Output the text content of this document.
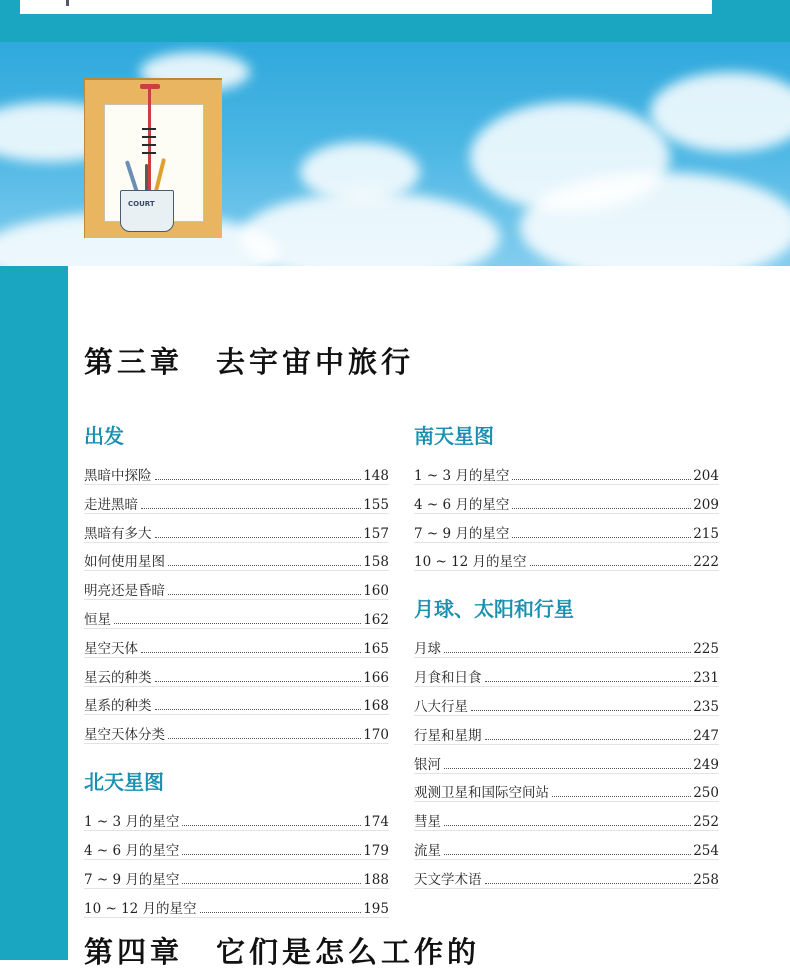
COURT
第三章　去宇宙中旅行
出发
黑暗中探险	148
走进黑暗	155
黑暗有多大	157
如何使用星图	158
明亮还是昏暗	160
恒星	162
星空天体	165
星云的种类	166
星系的种类	168
星空天体分类	170
北天星图
1 ~ 3 月的星空	174
4 ~ 6 月的星空	179
7 ~ 9 月的星空	188
10 ~ 12 月的星空	195
南天星图
1 ~ 3 月的星空	204
4 ~ 6 月的星空	209
7 ~ 9 月的星空	215
10 ~ 12 月的星空	222
月球、太阳和行星
月球	225
月食和日食	231
八大行星	235
行星和星期	247
银河	249
观测卫星和国际空间站	250
彗星	252
流星	254
天文学术语	258
第四章　它们是怎么工作的
